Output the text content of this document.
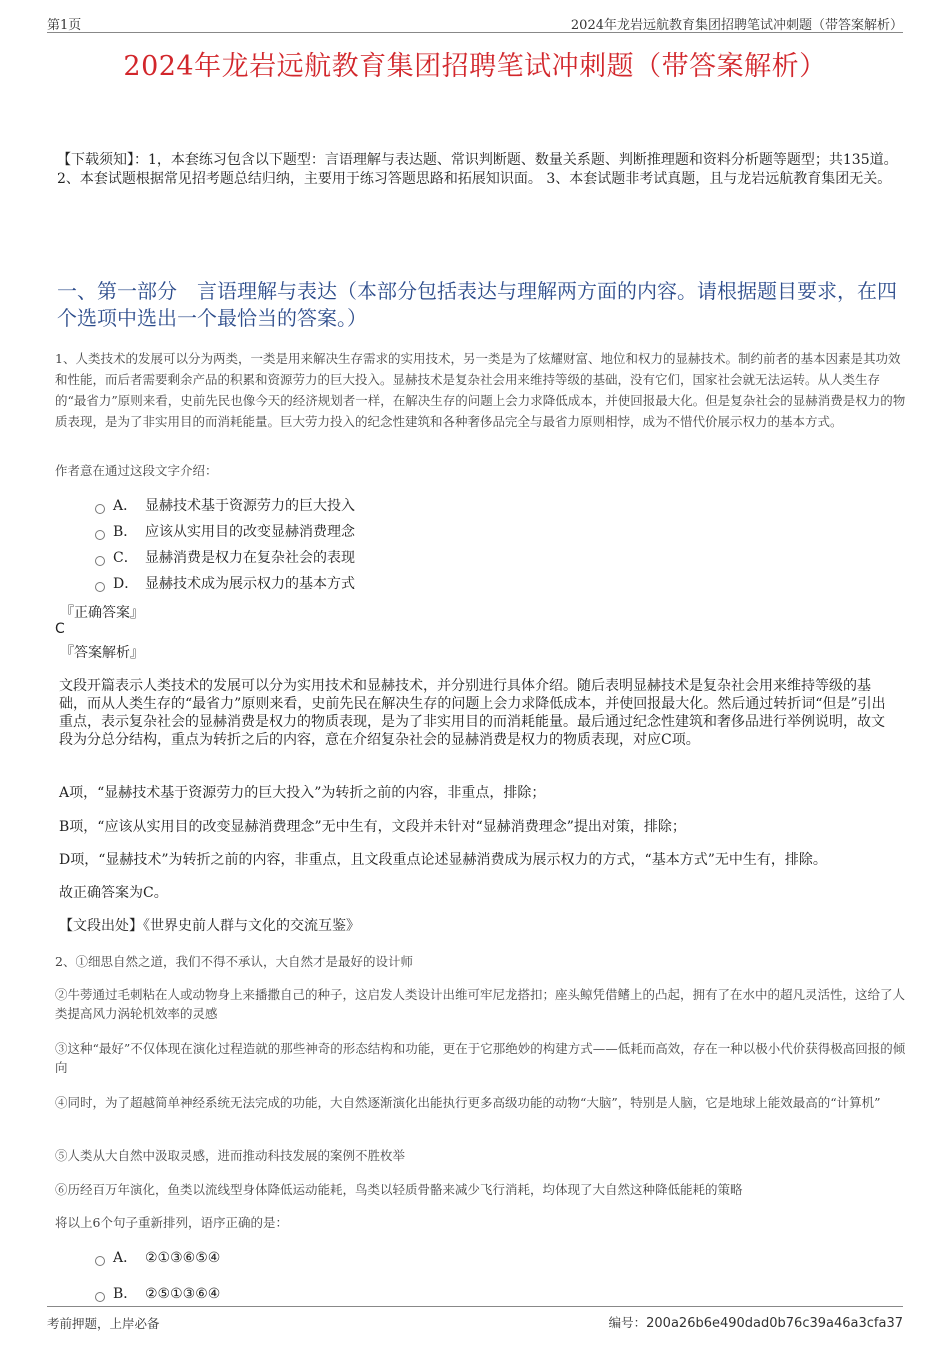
第1页	2024年龙岩远航教育集团招聘笔试冲刺题（带答案解析）
2024年龙岩远航教育集团招聘笔试冲刺题（带答案解析）
【下载须知】：1，本套练习包含以下题型：言语理解与表达题、常识判断题、数量关系题、判断推理题和资料分析题等题型；共135道。 2、本套试题根据常见招考题总结归纳，主要用于练习答题思路和拓展知识面。 3、本套试题非考试真题，且与龙岩远航教育集团无关。
一、第一部分　言语理解与表达（本部分包括表达与理解两方面的内容。请根据题目要求，在四个选项中选出一个最恰当的答案。）
1、人类技术的发展可以分为两类，一类是用来解决生存需求的实用技术，另一类是为了炫耀财富、地位和权力的显赫技术。制约前者的基本因素是其功效和性能，而后者需要剩余产品的积累和资源劳力的巨大投入。显赫技术是复杂社会用来维持等级的基础，没有它们，国家社会就无法运转。从人类生存的“最省力”原则来看，史前先民也像今天的经济规划者一样，在解决生存的问题上会力求降低成本，并使回报最大化。但是复杂社会的显赫消费是权力的物质表现，是为了非实用目的而消耗能量。巨大劳力投入的纪念性建筑和各种奢侈品完全与最省力原则相悖，成为不惜代价展示权力的基本方式。
作者意在通过这段文字介绍：
A． 显赫技术基于资源劳力的巨大投入
B． 应该从实用目的改变显赫消费理念
C． 显赫消费是权力在复杂社会的表现
D． 显赫技术成为展示权力的基本方式
『正确答案』
C
『答案解析』
文段开篇表示人类技术的发展可以分为实用技术和显赫技术，并分别进行具体介绍。随后表明显赫技术是复杂社会用来维持等级的基础，而从人类生存的“最省力”原则来看，史前先民在解决生存的问题上会力求降低成本，并使回报最大化。然后通过转折词“但是”引出重点，表示复杂社会的显赫消费是权力的物质表现，是为了非实用目的而消耗能量。最后通过纪念性建筑和奢侈品进行举例说明，故文段为分总分结构，重点为转折之后的内容，意在介绍复杂社会的显赫消费是权力的物质表现，对应C项。
A项，“显赫技术基于资源劳力的巨大投入”为转折之前的内容，非重点，排除；
B项，“应该从实用目的改变显赫消费理念”无中生有，文段并未针对“显赫消费理念”提出对策，排除；
D项，“显赫技术”为转折之前的内容，非重点，且文段重点论述显赫消费成为展示权力的方式，“基本方式”无中生有，排除。
故正确答案为C。
【文段出处】《世界史前人群与文化的交流互鉴》
2、①细思自然之道，我们不得不承认，大自然才是最好的设计师
②牛蒡通过毛刺粘在人或动物身上来播撒自己的种子，这启发人类设计出维可牢尼龙搭扣；座头鲸凭借鳍上的凸起，拥有了在水中的超凡灵活性，这给了人类提高风力涡轮机效率的灵感
③这种“最好”不仅体现在演化过程造就的那些神奇的形态结构和功能，更在于它那绝妙的构建方式——低耗而高效，存在一种以极小代价获得极高回报的倾向
④同时，为了超越简单神经系统无法完成的功能，大自然逐渐演化出能执行更多高级功能的动物“大脑”，特别是人脑，它是地球上能效最高的“计算机”
⑤人类从大自然中汲取灵感，进而推动科技发展的案例不胜枚举
⑥历经百万年演化，鱼类以流线型身体降低运动能耗，鸟类以轻质骨骼来减少飞行消耗，均体现了大自然这种降低能耗的策略
将以上6个句子重新排列，语序正确的是：
A． ②①③⑥⑤④
B． ②⑤①③⑥④
考前押题，上岸必备	编号：200a26b6e490dad0b76c39a46a3cfa37
